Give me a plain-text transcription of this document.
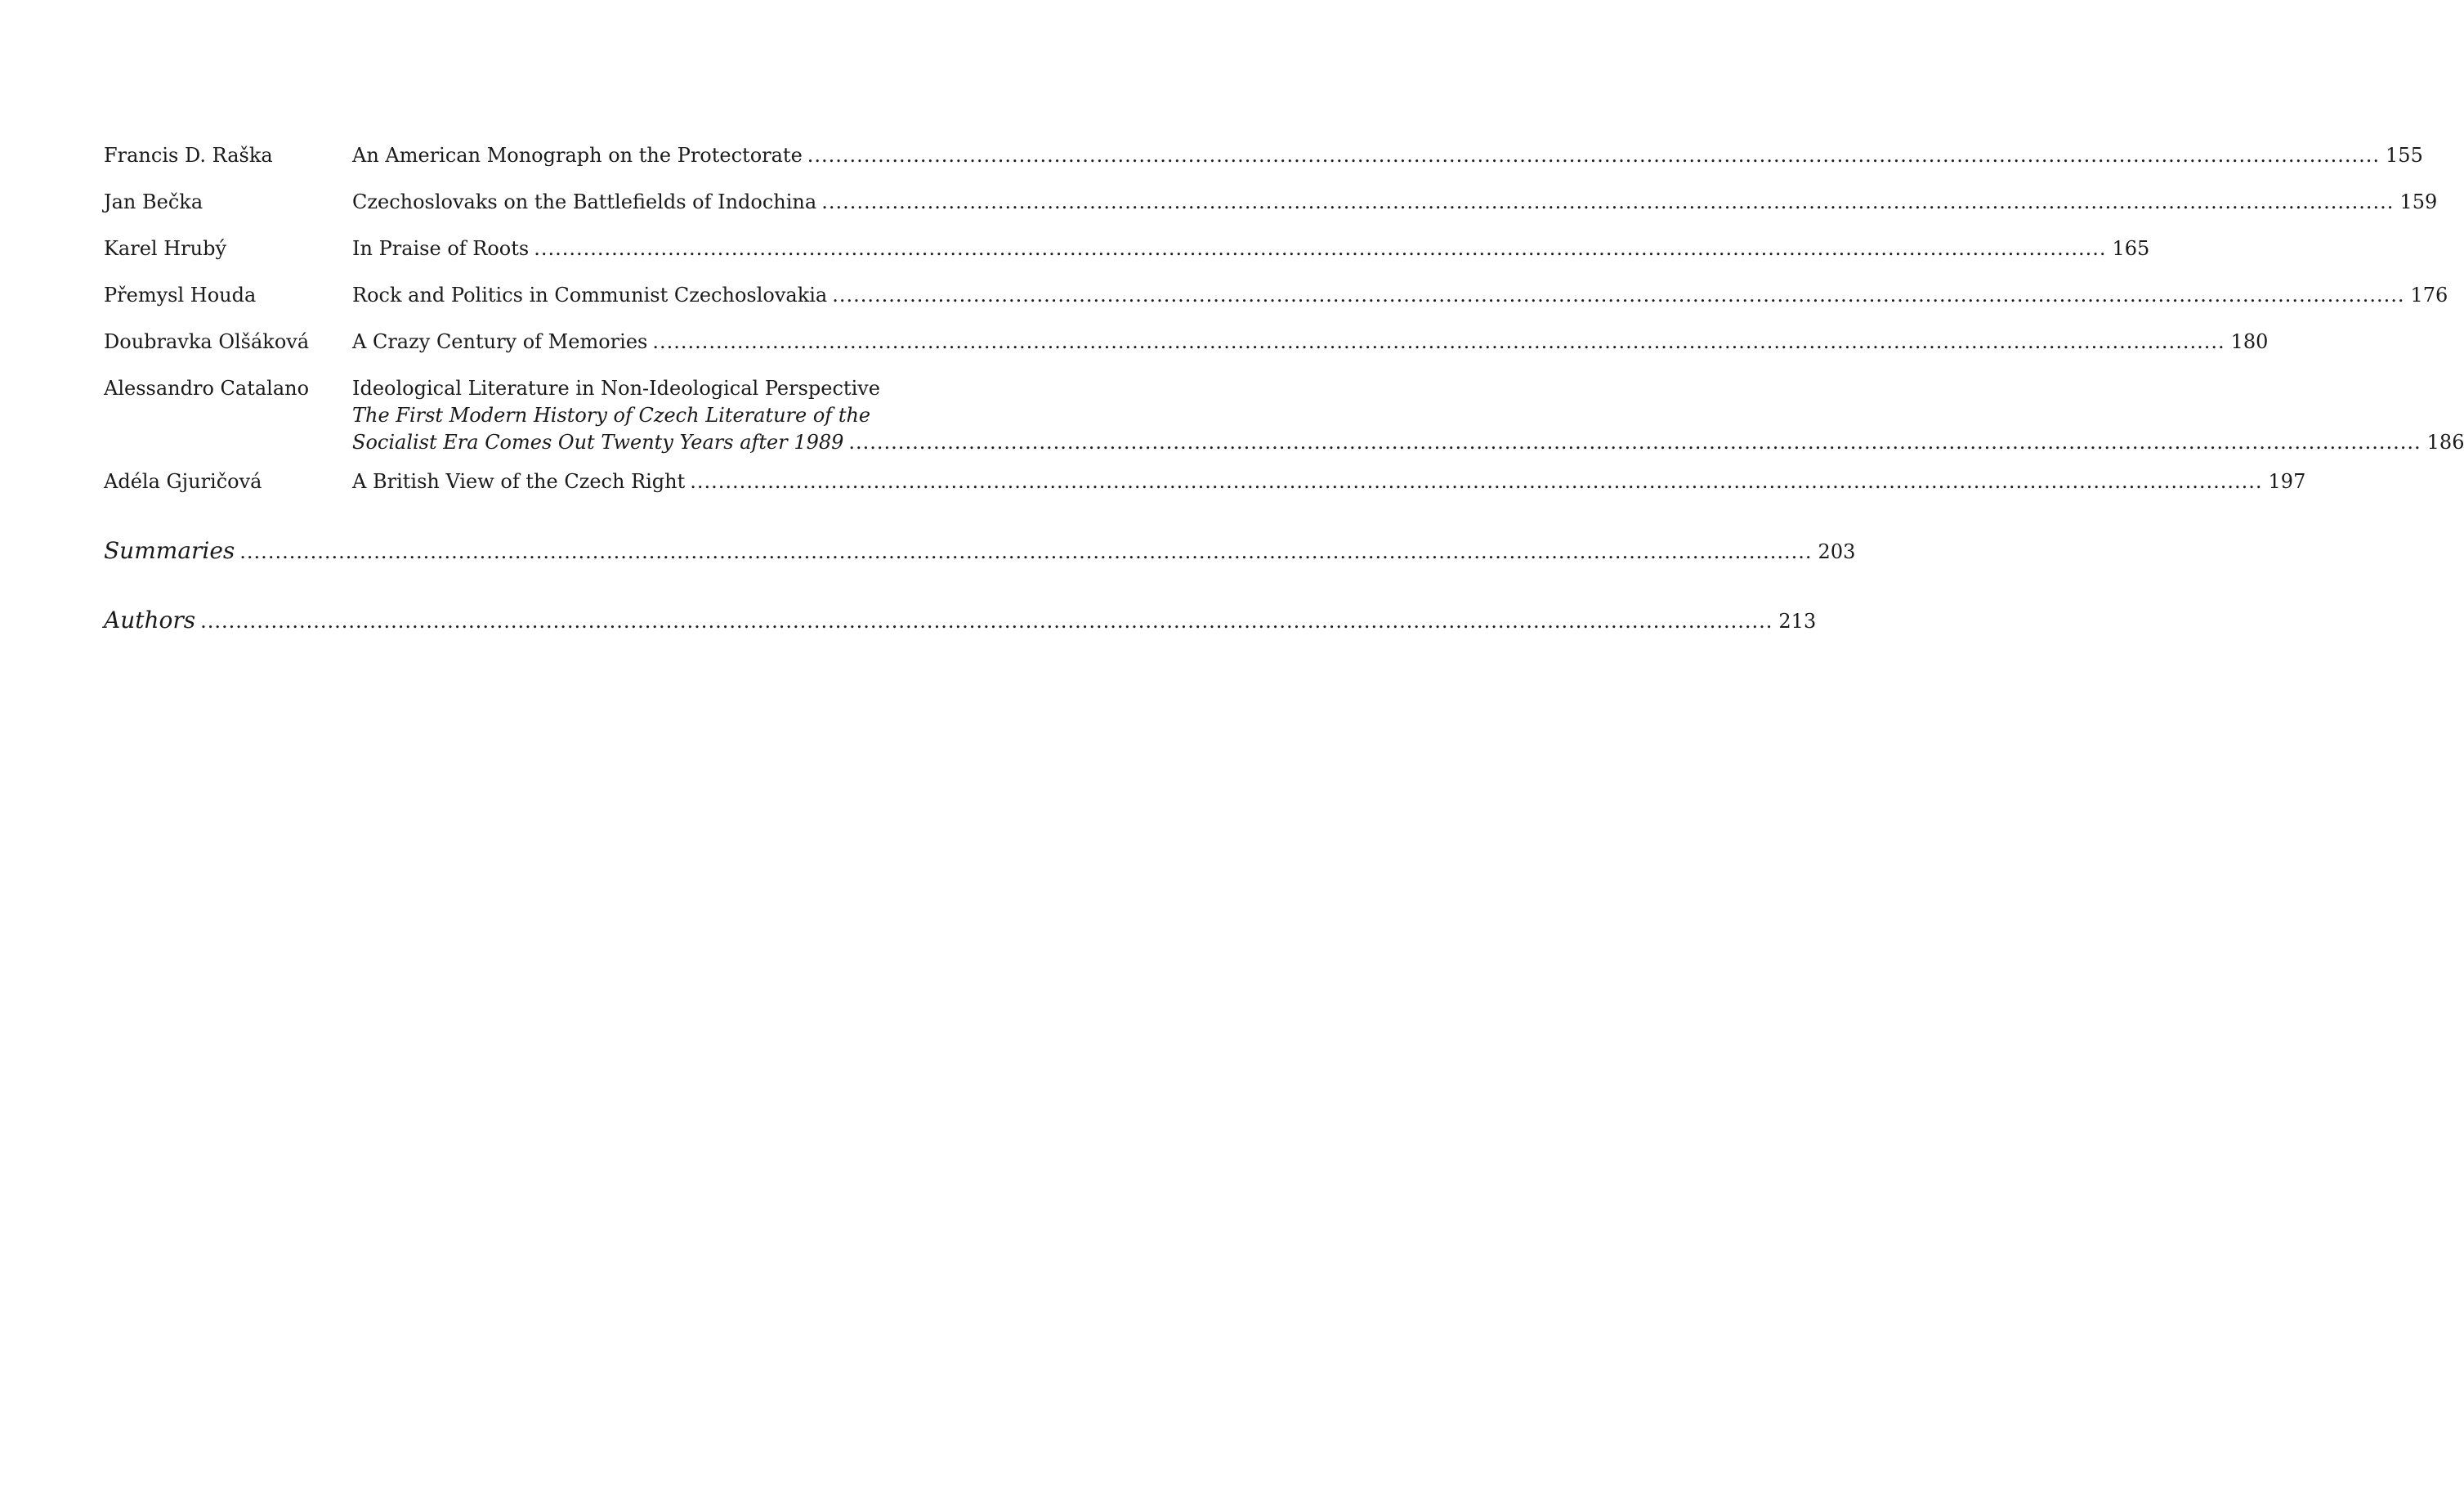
Francis D. Raška	An American Monograph on the Protectorate ............................................................................................................................................................................................................................... 155
Jan Bečka	Czechoslovaks on the Battlefields of Indochina ............................................................................................................................................................................................................................... 159
Karel Hrubý	In Praise of Roots ............................................................................................................................................................................................................................... 165
Přemysl Houda	Rock and Politics in Communist Czechoslovakia ............................................................................................................................................................................................................................... 176
Doubravka Olšáková	A Crazy Century of Memories ............................................................................................................................................................................................................................... 180
Alessandro Catalano	Ideological Literature in Non-Ideological Perspective
The First Modern History of Czech Literature of the
Socialist Era Comes Out Twenty Years after 1989 ............................................................................................................................................................................................................................... 186
Adéla Gjuričová	A British View of the Czech Right ............................................................................................................................................................................................................................... 197
Summaries ............................................................................................................................................................................................................................... 203
Authors ............................................................................................................................................................................................................................... 213
